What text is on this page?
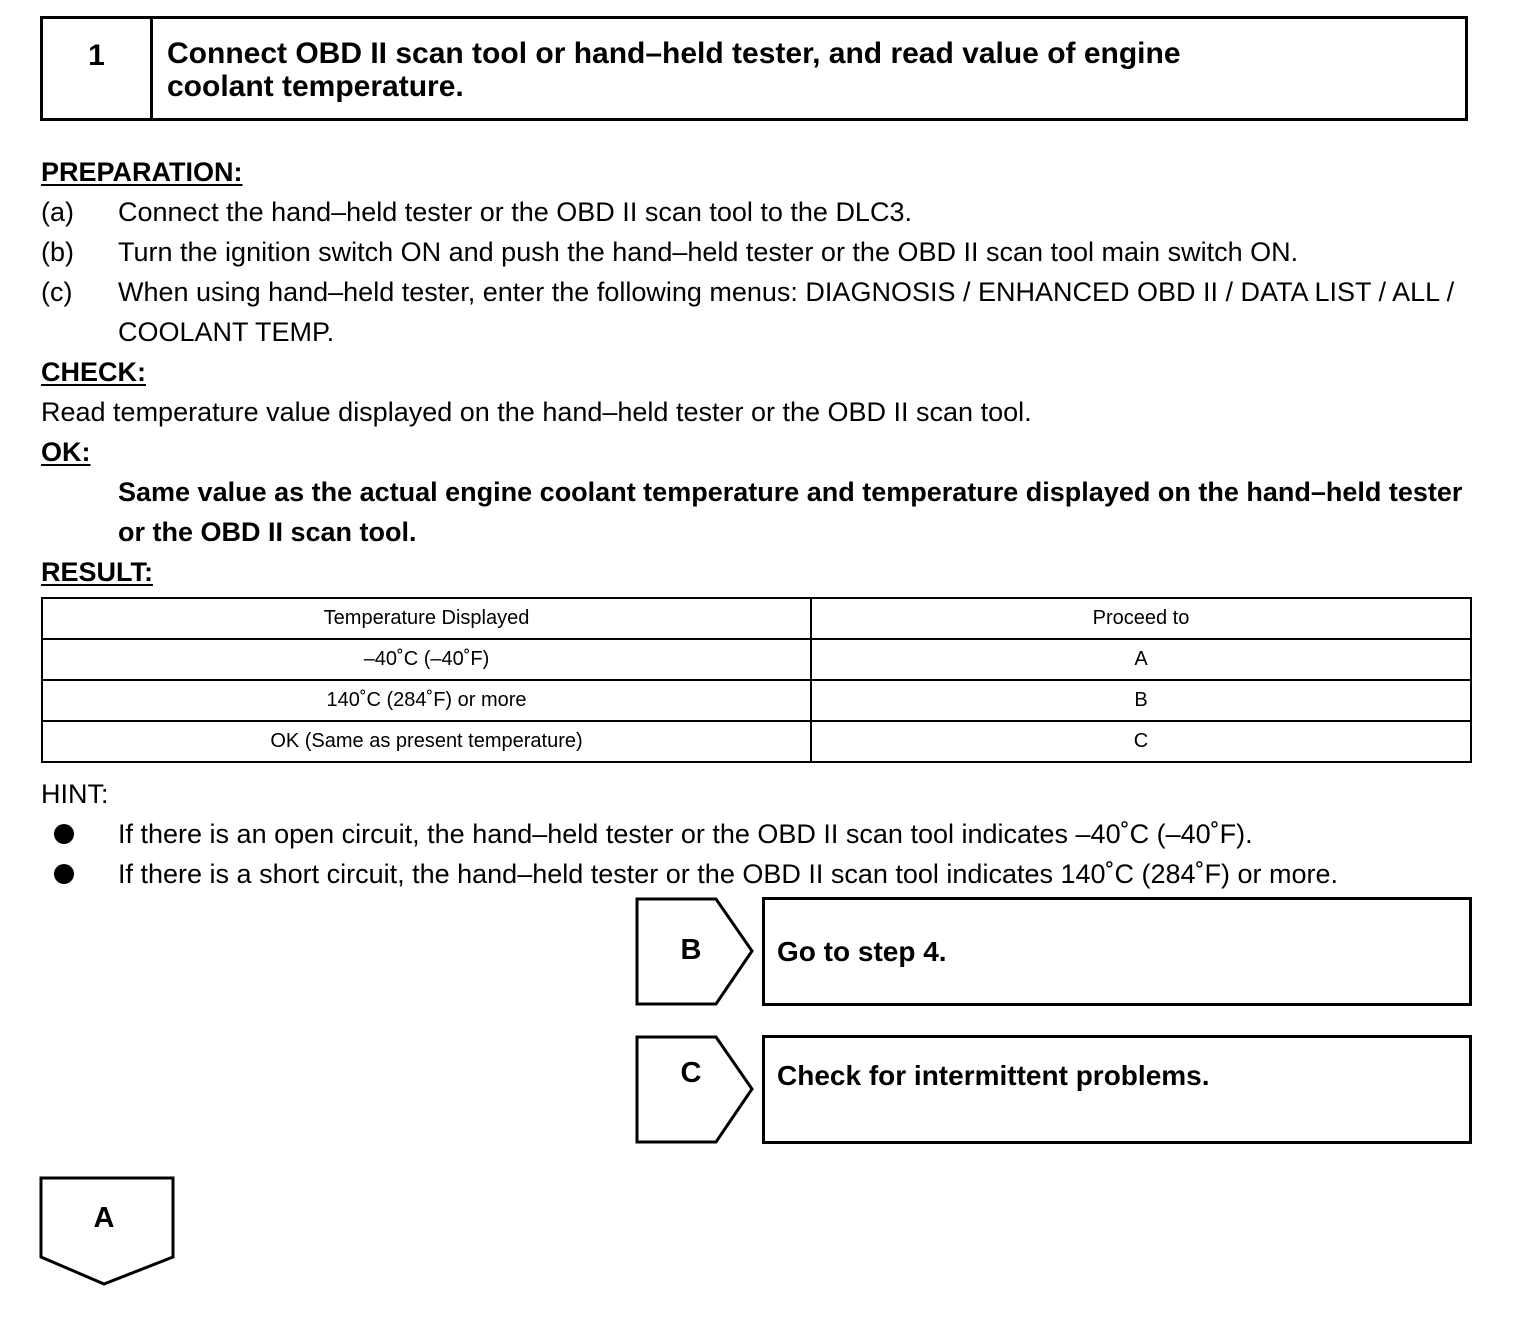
1	Connect OBD II scan tool or hand–held tester, and read value of engine coolant temperature.
PREPARATION:
(a) Connect the hand–held tester or the OBD II scan tool to the DLC3.
(b) Turn the ignition switch ON and push the hand–held tester or the OBD II scan tool main switch ON.
(c) When using hand–held tester, enter the following menus: DIAGNOSIS / ENHANCED OBD II / DATA LIST / ALL / COOLANT TEMP.
CHECK:
Read temperature value displayed on the hand–held tester or the OBD II scan tool.
OK:
Same value as the actual engine coolant temperature and temperature displayed on the hand–held tester or the OBD II scan tool.
RESULT:
Temperature Displayed	Proceed to
–40˚C (–40˚F)	A
140˚C (284˚F) or more	B
OK (Same as present temperature)	C
HINT:
If there is an open circuit, the hand–held tester or the OBD II scan tool indicates –40˚C (–40˚F).
If there is a short circuit, the hand–held tester or the OBD II scan tool indicates 140˚C (284˚F) or more.
B	Go to step 4.
C	Check for intermittent problems.
A
